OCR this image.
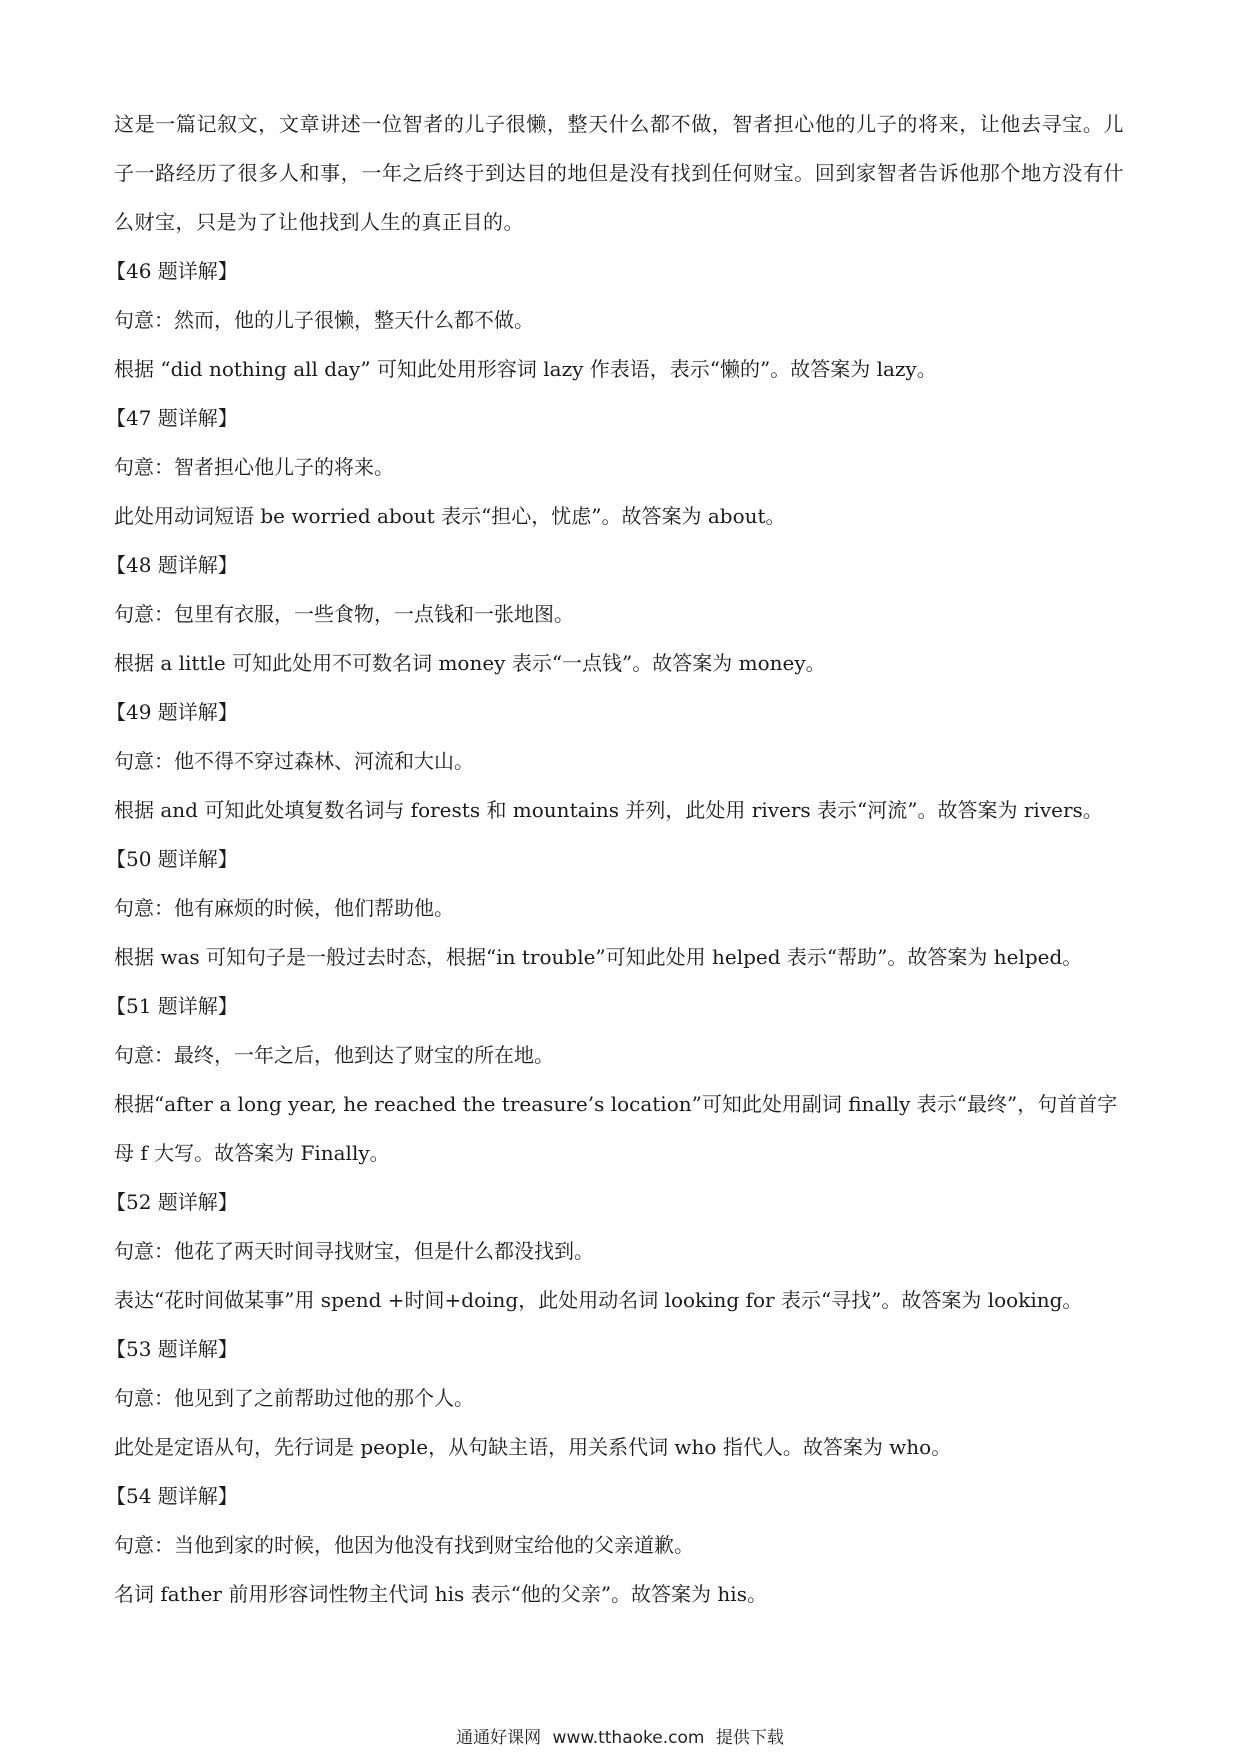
这是一篇记叙文，文章讲述一位智者的儿子很懒，整天什么都不做，智者担心他的儿子的将来，让他去寻宝。儿子一路经历了很多人和事，一年之后终于到达目的地但是没有找到任何财宝。回到家智者告诉他那个地方没有什么财宝，只是为了让他找到人生的真正目的。

【46 题详解】

句意：然而，他的儿子很懒，整天什么都不做。

根据 “did nothing all day” 可知此处用形容词 lazy 作表语，表示“懒的”。故答案为 lazy。

【47 题详解】

句意：智者担心他儿子的将来。

此处用动词短语 be worried about 表示“担心，忧虑”。故答案为 about。

【48 题详解】

句意：包里有衣服，一些食物，一点钱和一张地图。

根据 a little 可知此处用不可数名词 money 表示“一点钱”。故答案为 money。

【49 题详解】

句意：他不得不穿过森林、河流和大山。

根据 and 可知此处填复数名词与 forests 和 mountains 并列，此处用 rivers 表示“河流”。故答案为 rivers。

【50 题详解】

句意：他有麻烦的时候，他们帮助他。

根据 was 可知句子是一般过去时态，根据“in trouble”可知此处用 helped 表示“帮助”。故答案为 helped。

【51 题详解】

句意：最终，一年之后，他到达了财宝的所在地。

根据“after a long year, he reached the treasure’s location”可知此处用副词 finally 表示“最终”，句首首字母 f 大写。故答案为 Finally。

【52 题详解】

句意：他花了两天时间寻找财宝，但是什么都没找到。

表达“花时间做某事”用 spend +时间+doing，此处用动名词 looking for 表示“寻找”。故答案为 looking。

【53 题详解】

句意：他见到了之前帮助过他的那个人。

此处是定语从句，先行词是 people，从句缺主语，用关系代词 who 指代人。故答案为 who。

【54 题详解】

句意：当他到家的时候，他因为他没有找到财宝给他的父亲道歉。

名词 father 前用形容词性物主代词 his 表示“他的父亲”。故答案为 his。

通通好课网 www.tthaoke.com 提供下载
